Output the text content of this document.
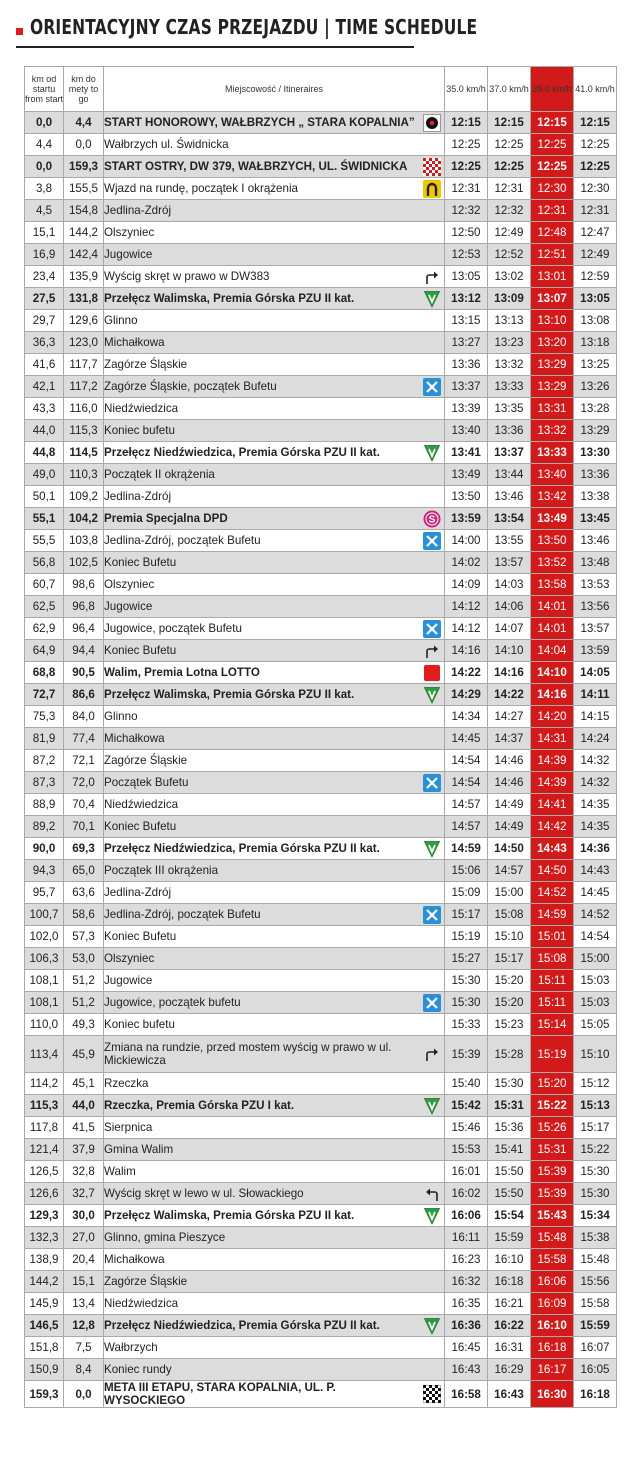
ORIENTACYJNY CZAS PRZEJAZDU | TIME SCHEDULE
km od startu from start	km do mety to go	Miejscowość / Itineraires	35.0 km/h	37.0 km/h	39.0 km/h	41.0 km/h
0,0	4,4	START HONOROWY, WAŁBRZYCH „ STARA KOPALNIA”	12:15	12:15	12:15	12:15
4,4	0,0	Wałbrzych ul. Świdnicka	12:25	12:25	12:25	12:25
0,0	159,3	START OSTRY, DW 379, WAŁBRZYCH, UL. ŚWIDNICKA	12:25	12:25	12:25	12:25
3,8	155,5	Wjazd na rundę, początek I okrążenia	12:31	12:31	12:30	12:30
4,5	154,8	Jedlina-Zdrój	12:32	12:32	12:31	12:31
15,1	144,2	Olszyniec	12:50	12:49	12:48	12:47
16,9	142,4	Jugowice	12:53	12:52	12:51	12:49
23,4	135,9	Wyścig skręt w prawo w DW383	13:05	13:02	13:01	12:59
27,5	131,8	Przełęcz Walimska, Premia Górska PZU II kat.	13:12	13:09	13:07	13:05
29,7	129,6	Glinno	13:15	13:13	13:10	13:08
36,3	123,0	Michałkowa	13:27	13:23	13:20	13:18
41,6	117,7	Zagórze Śląskie	13:36	13:32	13:29	13:25
42,1	117,2	Zagórze Śląskie, początek Bufetu	13:37	13:33	13:29	13:26
43,3	116,0	Niedźwiedzica	13:39	13:35	13:31	13:28
44,0	115,3	Koniec bufetu	13:40	13:36	13:32	13:29
44,8	114,5	Przełęcz Niedźwiedzica, Premia Górska PZU II kat.	13:41	13:37	13:33	13:30
49,0	110,3	Początek II okrążenia	13:49	13:44	13:40	13:36
50,1	109,2	Jedlina-Zdrój	13:50	13:46	13:42	13:38
55,1	104,2	Premia Specjalna DPD S	13:59	13:54	13:49	13:45
55,5	103,8	Jedlina-Zdrój, początek Bufetu	14:00	13:55	13:50	13:46
56,8	102,5	Koniec Bufetu	14:02	13:57	13:52	13:48
60,7	98,6	Olszyniec	14:09	14:03	13:58	13:53
62,5	96,8	Jugowice	14:12	14:06	14:01	13:56
62,9	96,4	Jugowice, początek Bufetu	14:12	14:07	14:01	13:57
64,9	94,4	Koniec Bufetu	14:16	14:10	14:04	13:59
68,8	90,5	Walim, Premia Lotna LOTTO	14:22	14:16	14:10	14:05
72,7	86,6	Przełęcz Walimska, Premia Górska PZU II kat.	14:29	14:22	14:16	14:11
75,3	84,0	Glinno	14:34	14:27	14:20	14:15
81,9	77,4	Michałkowa	14:45	14:37	14:31	14:24
87,2	72,1	Zagórze Śląskie	14:54	14:46	14:39	14:32
87,3	72,0	Początek Bufetu	14:54	14:46	14:39	14:32
88,9	70,4	Niedźwiedzica	14:57	14:49	14:41	14:35
89,2	70,1	Koniec Bufetu	14:57	14:49	14:42	14:35
90,0	69,3	Przełęcz Niedźwiedzica, Premia Górska PZU II kat.	14:59	14:50	14:43	14:36
94,3	65,0	Początek III okrążenia	15:06	14:57	14:50	14:43
95,7	63,6	Jedlina-Zdrój	15:09	15:00	14:52	14:45
100,7	58,6	Jedlina-Zdrój, początek Bufetu	15:17	15:08	14:59	14:52
102,0	57,3	Koniec Bufetu	15:19	15:10	15:01	14:54
106,3	53,0	Olszyniec	15:27	15:17	15:08	15:00
108,1	51,2	Jugowice	15:30	15:20	15:11	15:03
108,1	51,2	Jugowice, początek bufetu	15:30	15:20	15:11	15:03
110,0	49,3	Koniec bufetu	15:33	15:23	15:14	15:05
113,4	45,9	Zmiana na rundzie, przed mostem wyścig w prawo w ul. Mickiewicza	15:39	15:28	15:19	15:10
114,2	45,1	Rzeczka	15:40	15:30	15:20	15:12
115,3	44,0	Rzeczka, Premia Górska PZU I kat.	15:42	15:31	15:22	15:13
117,8	41,5	Sierpnica	15:46	15:36	15:26	15:17
121,4	37,9	Gmina Walim	15:53	15:41	15:31	15:22
126,5	32,8	Walim	16:01	15:50	15:39	15:30
126,6	32,7	Wyścig skręt w lewo w ul. Słowackiego	16:02	15:50	15:39	15:30
129,3	30,0	Przełęcz Walimska, Premia Górska PZU II kat.	16:06	15:54	15:43	15:34
132,3	27,0	Glinno, gmina Pieszyce	16:11	15:59	15:48	15:38
138,9	20,4	Michałkowa	16:23	16:10	15:58	15:48
144,2	15,1	Zagórze Śląskie	16:32	16:18	16:06	15:56
145,9	13,4	Niedźwiedzica	16:35	16:21	16:09	15:58
146,5	12,8	Przełęcz Niedźwiedzica, Premia Górska PZU II kat.	16:36	16:22	16:10	15:59
151,8	7,5	Wałbrzych	16:45	16:31	16:18	16:07
150,9	8,4	Koniec rundy	16:43	16:29	16:17	16:05
159,3	0,0	META III ETAPU, STARA KOPALNIA, UL. P. WYSOCKIEGO	16:58	16:43	16:30	16:18
